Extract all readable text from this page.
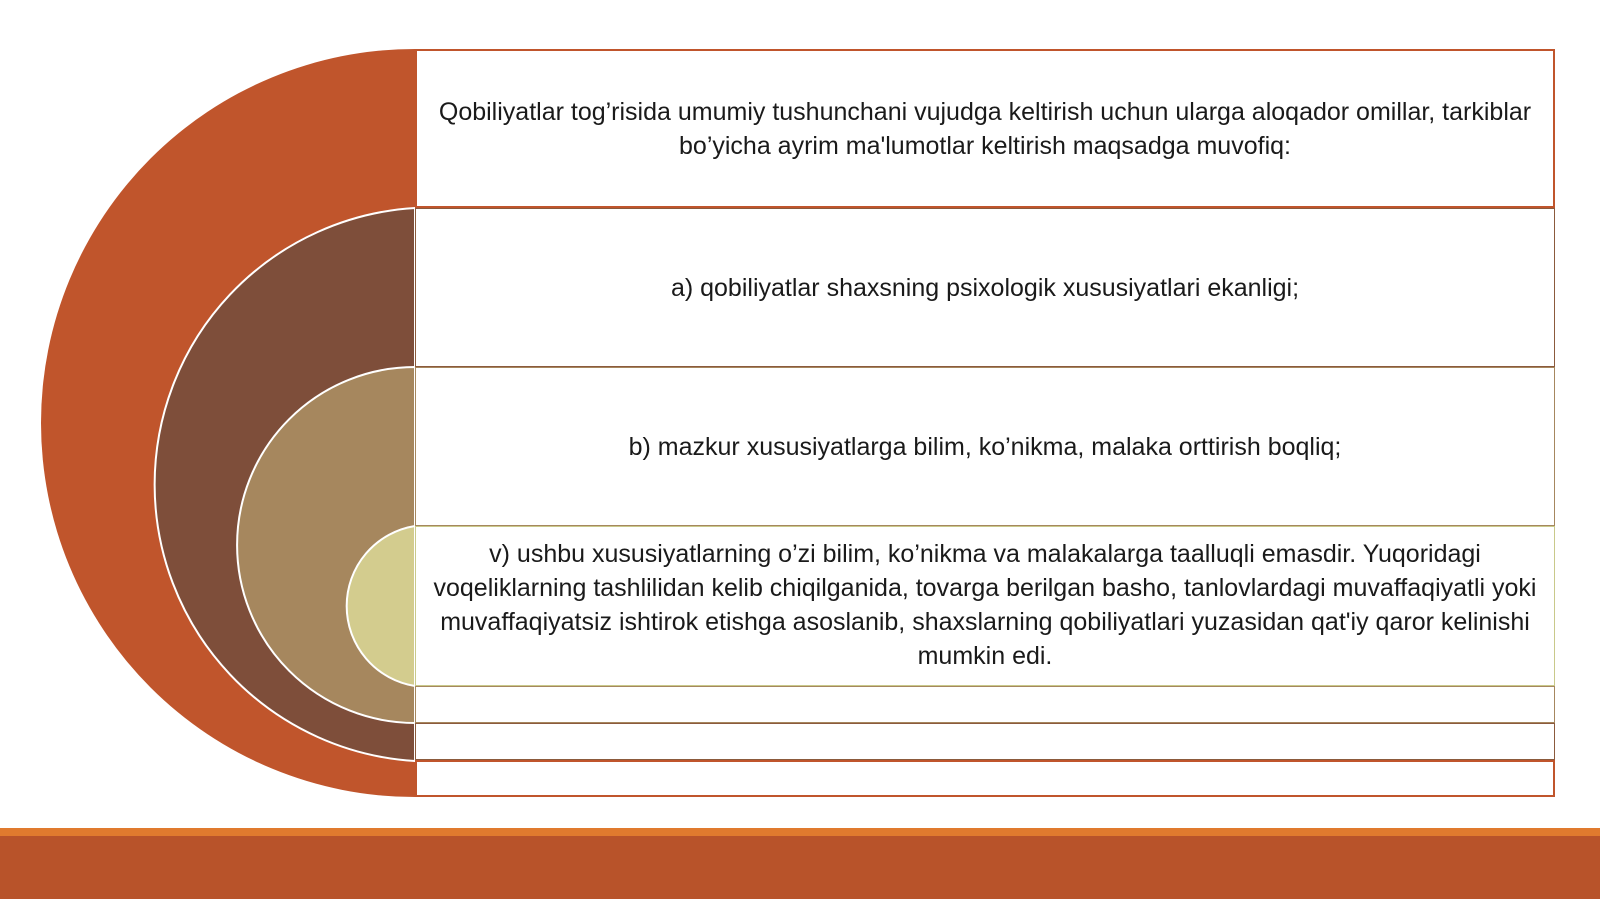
Qobiliyatlar tog’risida umumiy tushunchani vujudga keltirish uchun ularga aloqador omillar, tarkiblar bo’yicha ayrim ma'lumotlar keltirish maqsadga muvofiq:
a) qobiliyatlar shaxsning psixologik xususiyatlari ekanligi;
b) mazkur xususiyatlarga bilim, ko’nikma, malaka orttirish boqliq;
v) ushbu xususiyatlarning o’zi bilim, ko’nikma va malakalarga taalluqli emasdir. Yuqoridagi voqeliklarning tashlilidan kelib chiqilganida, tovarga berilgan basho, tanlovlardagi muvaffaqiyatli yoki muvaffaqiyatsiz ishtirok etishga asoslanib, shaxslarning qobiliyatlari yuzasidan qat'iy qaror kelinishi mumkin edi.
